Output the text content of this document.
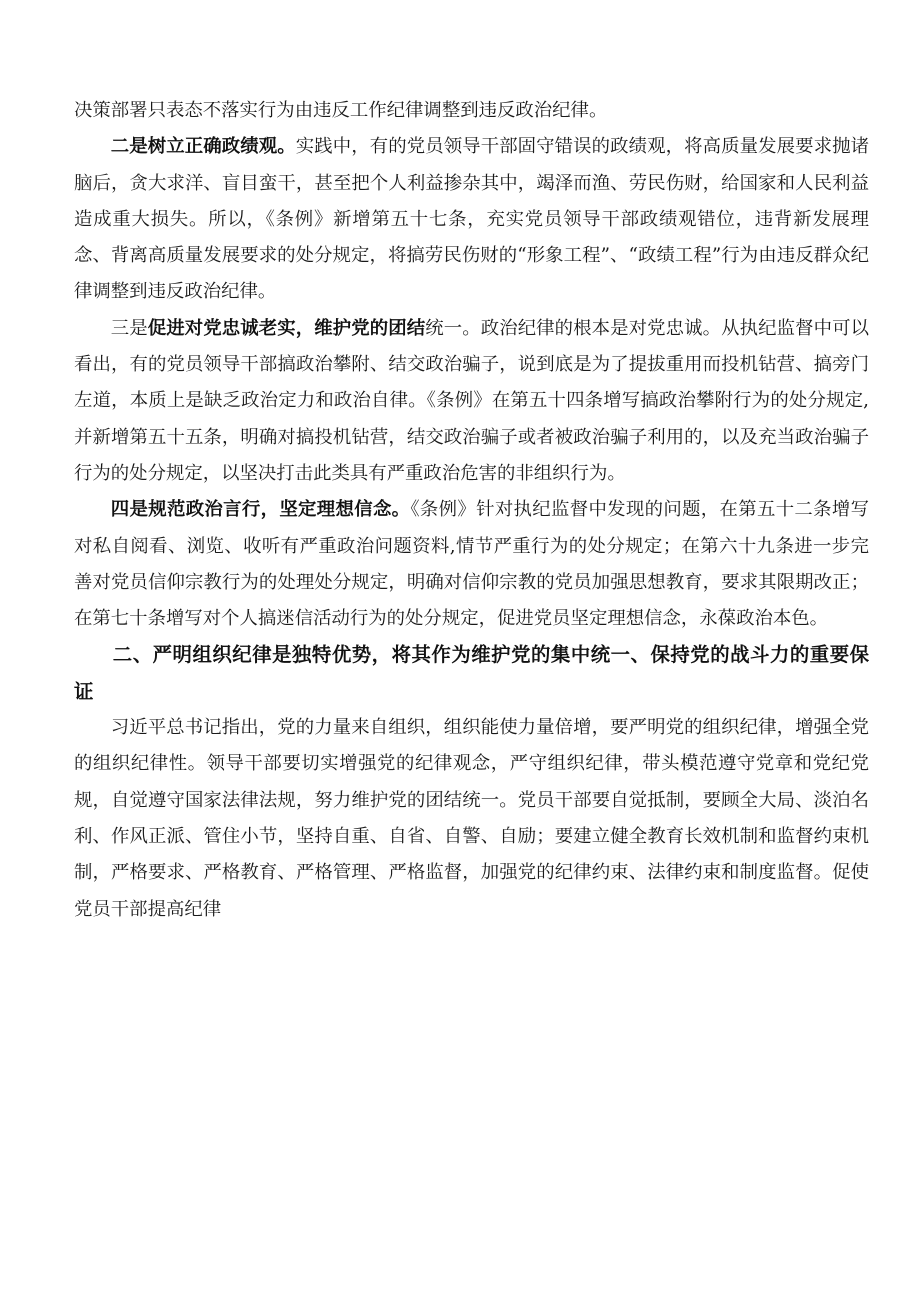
决策部署只表态不落实行为由违反工作纪律调整到违反政治纪律。

二是树立正确政绩观。实践中，有的党员领导干部固守错误的政绩观，将高质量发展要求抛诸脑后，贪大求洋、盲目蛮干，甚至把个人利益掺杂其中，竭泽而渔、劳民伤财，给国家和人民利益造成重大损失。所以，《条例》新增第五十七条，充实党员领导干部政绩观错位，违背新发展理念、背离高质量发展要求的处分规定，将搞劳民伤财的“形象工程”、“政绩工程”行为由违反群众纪律调整到违反政治纪律。

三是促进对党忠诚老实，维护党的团结统一。政治纪律的根本是对党忠诚。从执纪监督中可以看出，有的党员领导干部搞政治攀附、结交政治骗子，说到底是为了提拔重用而投机钻营、搞旁门左道，本质上是缺乏政治定力和政治自律。《条例》在第五十四条增写搞政治攀附行为的处分规定,并新增第五十五条，明确对搞投机钻营，结交政治骗子或者被政治骗子利用的，以及充当政治骗子行为的处分规定，以坚决打击此类具有严重政治危害的非组织行为。

四是规范政治言行，坚定理想信念。《条例》针对执纪监督中发现的问题，在第五十二条增写对私自阅看、浏览、收听有严重政治问题资料,情节严重行为的处分规定；在第六十九条进一步完善对党员信仰宗教行为的处理处分规定，明确对信仰宗教的党员加强思想教育，要求其限期改正；在第七十条增写对个人搞迷信活动行为的处分规定，促进党员坚定理想信念，永葆政治本色。

二、严明组织纪律是独特优势，将其作为维护党的集中统一、保持党的战斗力的重要保证

习近平总书记指出，党的力量来自组织，组织能使力量倍增，要严明党的组织纪律，增强全党的组织纪律性。领导干部要切实增强党的纪律观念，严守组织纪律，带头模范遵守党章和党纪党规，自觉遵守国家法律法规，努力维护党的团结统一。党员干部要自觉抵制，要顾全大局、淡泊名利、作风正派、管住小节，坚持自重、自省、自警、自励；要建立健全教育长效机制和监督约束机制，严格要求、严格教育、严格管理、严格监督，加强党的纪律约束、法律约束和制度监督。促使党员干部提高纪律
